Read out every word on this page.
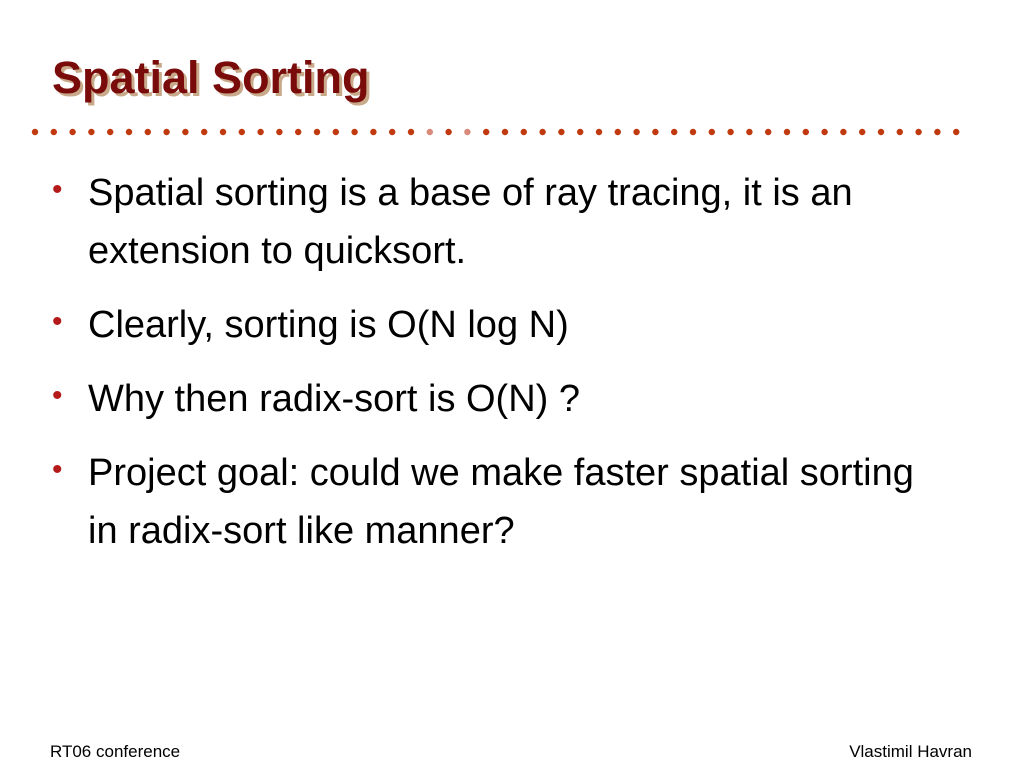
Spatial Sorting
• Spatial sorting is a base of ray tracing, it is an extension to quicksort.
• Clearly, sorting is O(N log N)
• Why then radix-sort is O(N) ?
• Project goal: could we make faster spatial sorting in radix-sort like manner?
RT06 conference	Vlastimil Havran
